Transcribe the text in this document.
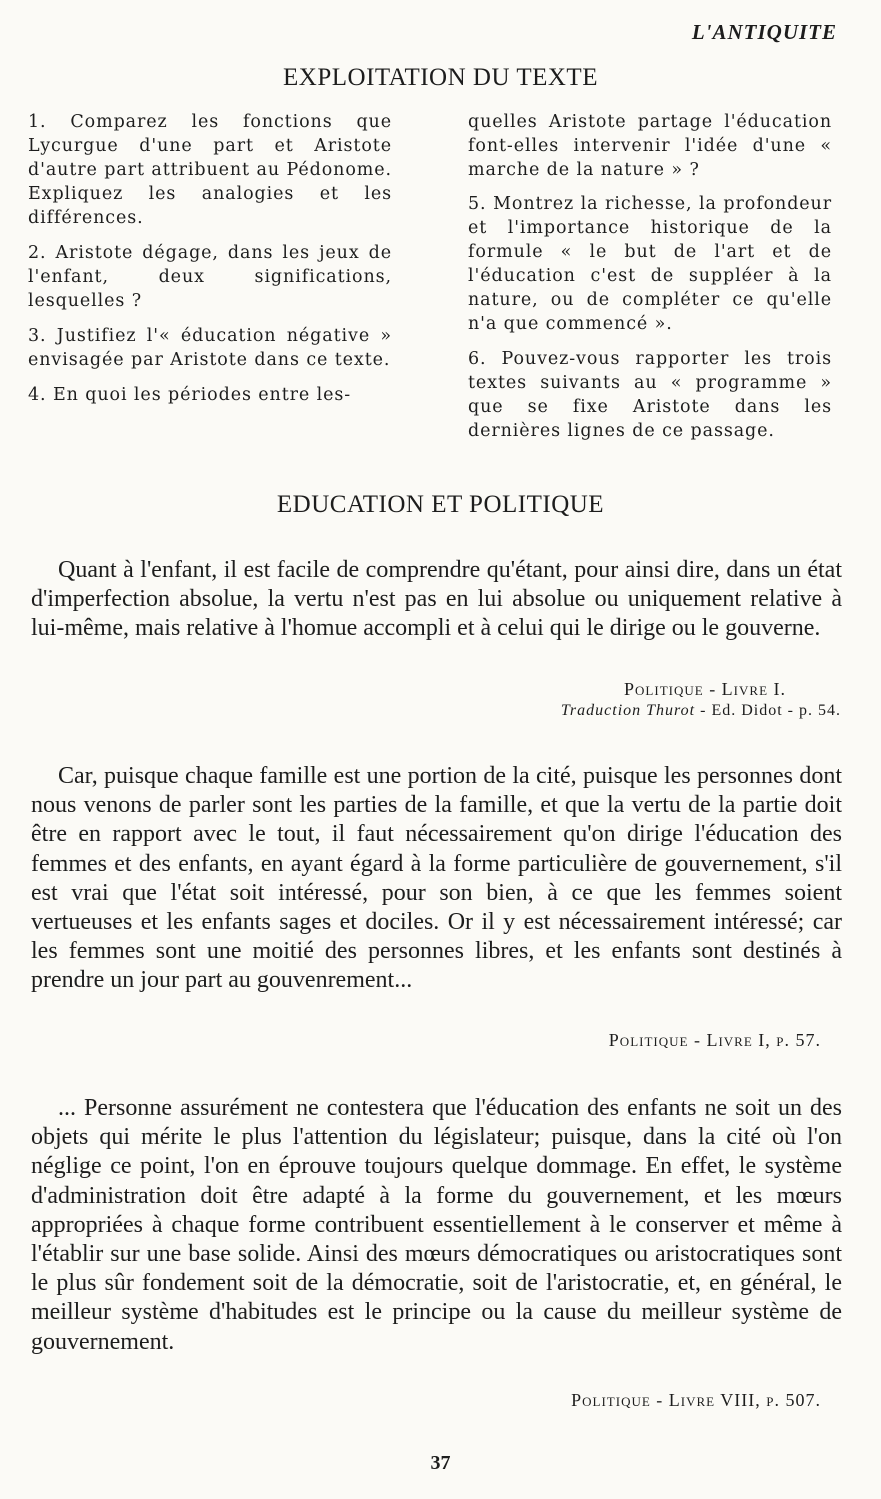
L'ANTIQUITE
EXPLOITATION DU TEXTE

1. Comparez les fonctions que Lycurgue d'une part et Aristote d'autre part attribuent au Pédonome. Expliquez les analogies et les différences.

2. Aristote dégage, dans les jeux de l'enfant, deux significations, lesquelles ?

3. Justifiez l'« éducation négative » envisagée par Aristote dans ce texte.

4. En quoi les périodes entre les-

quelles Aristote partage l'éducation font-elles intervenir l'idée d'une « marche de la nature » ?

5. Montrez la richesse, la profondeur et l'importance historique de la formule « le but de l'art et de l'éducation c'est de suppléer à la nature, ou de compléter ce qu'elle n'a que commencé ».

6. Pouvez-vous rapporter les trois textes suivants au « programme » que se fixe Aristote dans les dernières lignes de ce passage.

EDUCATION ET POLITIQUE

Quant à l'enfant, il est facile de comprendre qu'étant, pour ainsi dire, dans un état d'imperfection absolue, la vertu n'est pas en lui absolue ou uniquement relative à lui-même, mais relative à l'homue accompli et à celui qui le dirige ou le gouverne.

Politique - Livre I.
Traduction Thurot - Ed. Didot - p. 54.

Car, puisque chaque famille est une portion de la cité, puisque les personnes dont nous venons de parler sont les parties de la famille, et que la vertu de la partie doit être en rapport avec le tout, il faut nécessairement qu'on dirige l'éducation des femmes et des enfants, en ayant égard à la forme particulière de gouvernement, s'il est vrai que l'état soit intéressé, pour son bien, à ce que les femmes soient vertueuses et les enfants sages et dociles. Or il y est nécessairement intéressé; car les femmes sont une moitié des personnes libres, et les enfants sont destinés à prendre un jour part au gouvenrement...

Politique - Livre I, p. 57.

... Personne assurément ne contestera que l'éducation des enfants ne soit un des objets qui mérite le plus l'attention du législateur; puisque, dans la cité où l'on néglige ce point, l'on en éprouve toujours quelque dommage. En effet, le système d'administration doit être adapté à la forme du gouvernement, et les mœurs appropriées à chaque forme contribuent essentiellement à le conserver et même à l'établir sur une base solide. Ainsi des mœurs démocratiques ou aristocratiques sont le plus sûr fondement soit de la démocratie, soit de l'aristocratie, et, en général, le meilleur système d'habitudes est le principe ou la cause du meilleur système de gouvernement.

Politique - Livre VIII, p. 507.
37
